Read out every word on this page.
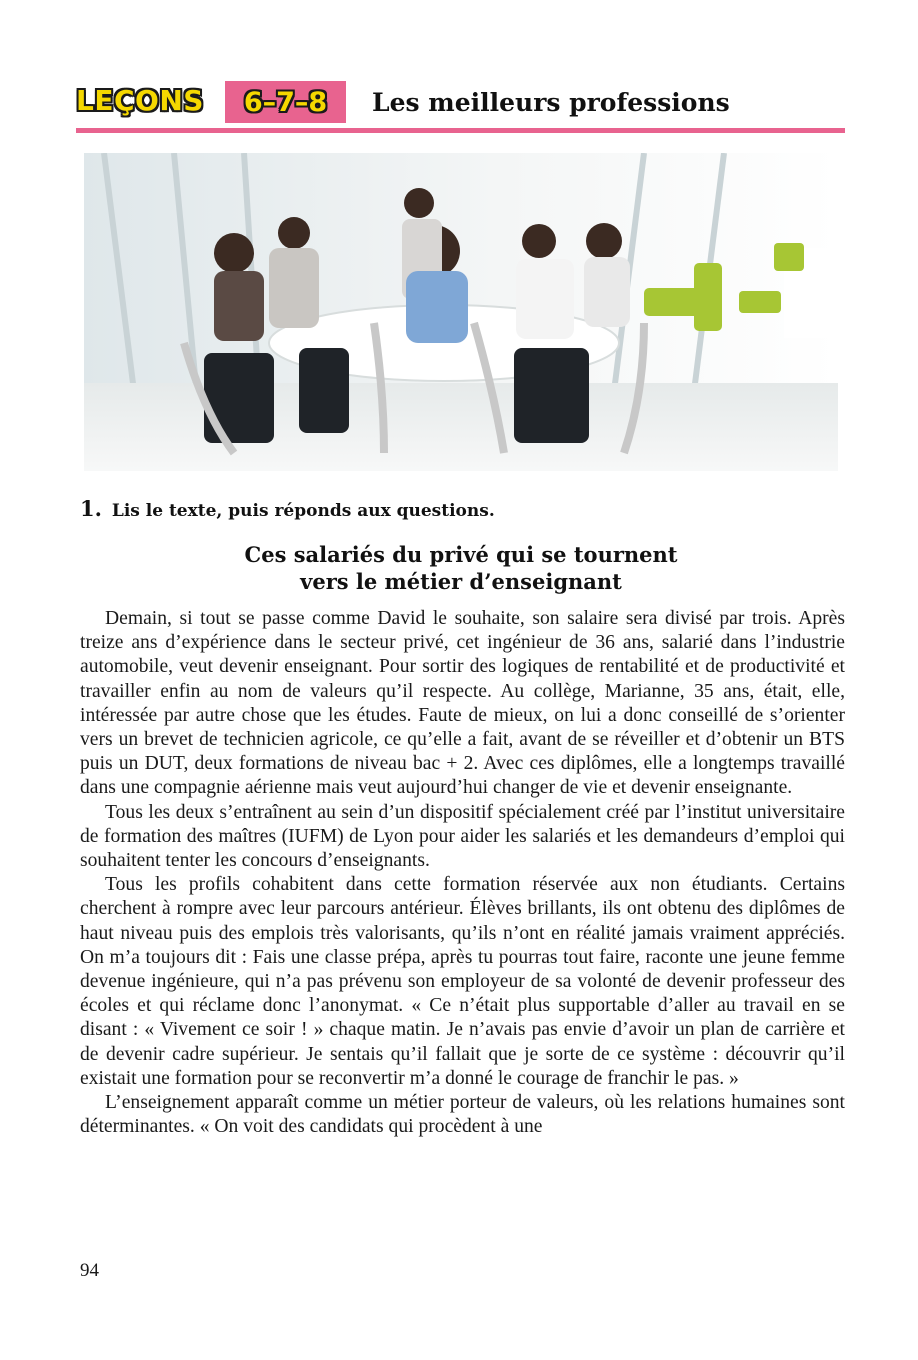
LEÇONS 6–7–8 Les meilleurs professions
1. Lis le texte, puis réponds aux questions.
Ces salariés du privé qui se tournent
vers le métier d’enseignant

Demain, si tout se passe comme David le souhaite, son salaire sera divisé par trois. Après treize ans d’expérience dans le secteur privé, cet ingénieur de 36 ans, salarié dans l’industrie automobile, veut devenir enseignant. Pour sortir des logiques de rentabilité et de productivité et travailler enfin au nom de valeurs qu’il respecte. Au collège, Marianne, 35 ans, était, elle, intéressée par autre chose que les études. Faute de mieux, on lui a donc conseillé de s’orienter vers un brevet de technicien agricole, ce qu’elle a fait, avant de se réveiller et d’obtenir un BTS puis un DUT, deux formations de niveau bac + 2. Avec ces diplômes, elle a longtemps travaillé dans une compagnie aérienne mais veut aujourd’hui changer de vie et devenir enseignante.

Tous les deux s’entraînent au sein d’un dispositif spécialement créé par l’institut universitaire de formation des maîtres (IUFM) de Lyon pour aider les salariés et les demandeurs d’emploi qui souhaitent tenter les concours d’enseignants.

Tous les profils cohabitent dans cette formation réservée aux non étudiants. Certains cherchent à rompre avec leur parcours antérieur. Élèves brillants, ils ont obtenu des diplômes de haut niveau puis des emplois très valorisants, qu’ils n’ont en réalité jamais vraiment appréciés. On m’a toujours dit : Fais une classe prépa, après tu pourras tout faire, raconte une jeune femme devenue ingénieure, qui n’a pas prévenu son employeur de sa volonté de devenir professeur des écoles et qui réclame donc l’anonymat. « Ce n’était plus supportable d’aller au travail en se disant : « Vivement ce soir ! » chaque matin. Je n’avais pas envie d’avoir un plan de carrière et de devenir cadre supérieur. Je sentais qu’il fallait que je sorte de ce système : découvrir qu’il existait une formation pour se reconvertir m’a donné le courage de franchir le pas. »

L’enseignement apparaît comme un métier porteur de valeurs, où les relations humaines sont déterminantes. « On voit des candidats qui procèdent à une

94
